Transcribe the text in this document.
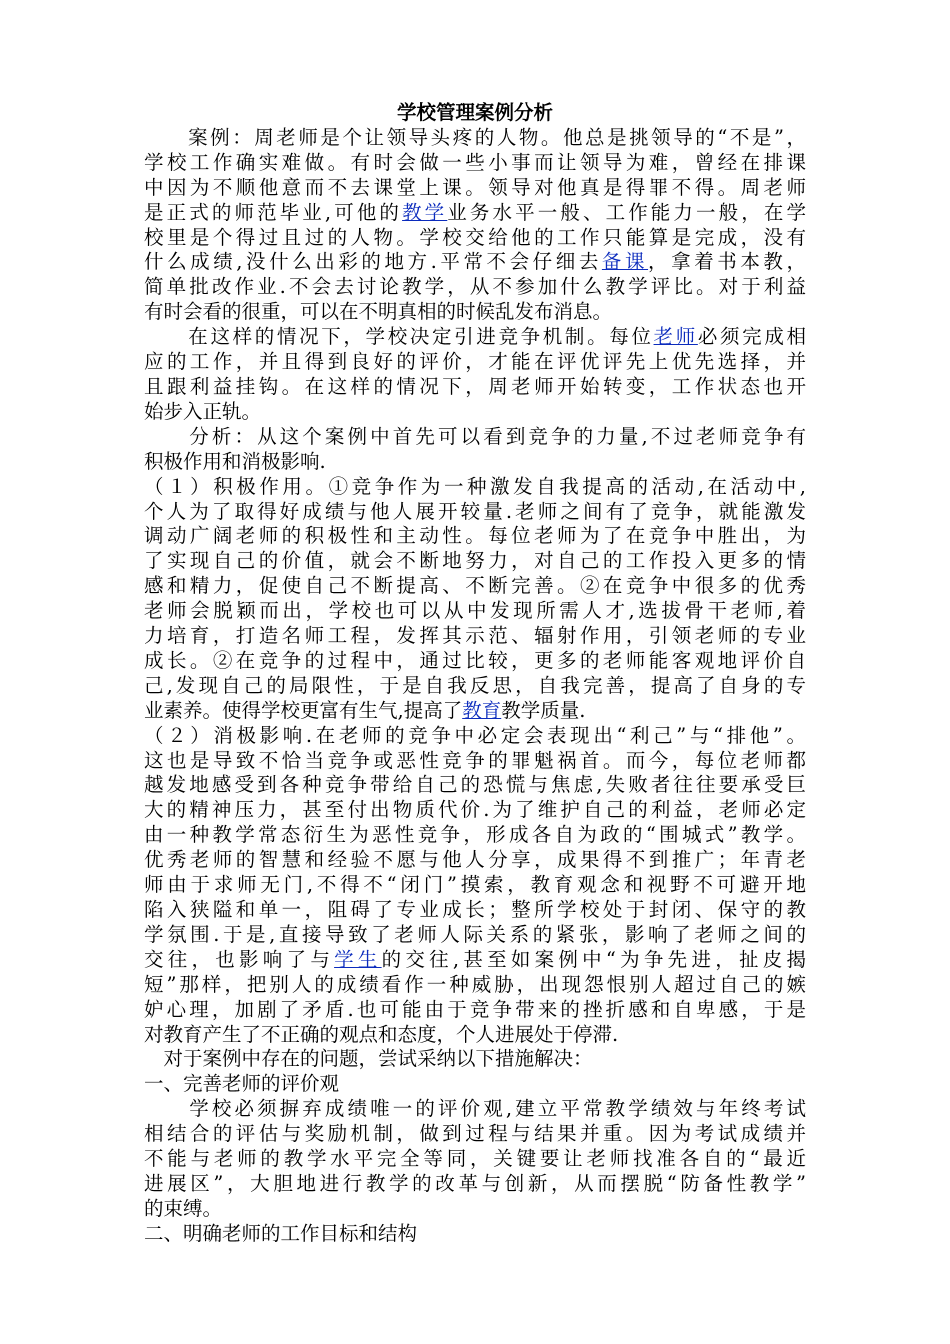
学校管理案例分析
　　案例：周老师是个让领导头疼的人物。他总是挑领导的“不是”，
学校工作确实难做。有时会做一些小事而让领导为难，曾经在排课
中因为不顺他意而不去课堂上课。领导对他真是得罪不得。周老师
是正式的师范毕业,可他的教学业务水平一般、工作能力一般，在学
校里是个得过且过的人物。学校交给他的工作只能算是完成，没有
什么成绩,没什么出彩的地方.平常不会仔细去备课，拿着书本教，
简单批改作业.不会去讨论教学，从不参加什么教学评比。对于利益
有时会看的很重，可以在不明真相的时候乱发布消息。
　　在这样的情况下，学校决定引进竞争机制。每位老师必须完成相
应的工作，并且得到良好的评价，才能在评优评先上优先选择，并
且跟利益挂钩。在这样的情况下，周老师开始转变，工作状态也开
始步入正轨。
　　分析：从这个案例中首先可以看到竞争的力量,不过老师竞争有
积极作用和消极影响.
（１）积极作用。①竞争作为一种激发自我提高的活动,在活动中,
个人为了取得好成绩与他人展开较量.老师之间有了竞争，就能激发
调动广阔老师的积极性和主动性。每位老师为了在竞争中胜出，为
了实现自己的价值，就会不断地努力，对自己的工作投入更多的情
感和精力，促使自己不断提高、不断完善。②在竞争中很多的优秀
老师会脱颖而出，学校也可以从中发现所需人才,选拔骨干老师,着
力培育，打造名师工程，发挥其示范、辐射作用，引领老师的专业
成长。②在竞争的过程中，通过比较，更多的老师能客观地评价自
己,发现自己的局限性，于是自我反思，自我完善，提高了自身的专
业素养。使得学校更富有生气,提高了教育教学质量.
（２）消极影响.在老师的竞争中必定会表现出“利己”与“排他”。
这也是导致不恰当竞争或恶性竞争的罪魁祸首。而今，每位老师都
越发地感受到各种竞争带给自己的恐慌与焦虑,失败者往往要承受巨
大的精神压力，甚至付出物质代价.为了维护自己的利益，老师必定
由一种教学常态衍生为恶性竞争，形成各自为政的“围城式”教学。
优秀老师的智慧和经验不愿与他人分享，成果得不到推广；年青老
师由于求师无门,不得不“闭门”摸索，教育观念和视野不可避开地
陷入狭隘和单一，阻碍了专业成长；整所学校处于封闭、保守的教
学氛围.于是,直接导致了老师人际关系的紧张，影响了老师之间的
交往，也影响了与学生的交往,甚至如案例中“为争先进，扯皮揭
短”那样，把别人的成绩看作一种威胁，出现怨恨别人超过自己的嫉
妒心理，加剧了矛盾.也可能由于竞争带来的挫折感和自卑感，于是
对教育产生了不正确的观点和态度，个人进展处于停滞.
　对于案例中存在的问题，尝试采纳以下措施解决：
一、完善老师的评价观
　　学校必须摒弃成绩唯一的评价观,建立平常教学绩效与年终考试
相结合的评估与奖励机制，做到过程与结果并重。因为考试成绩并
不能与老师的教学水平完全等同，关键要让老师找准各自的“最近
进展区”，大胆地进行教学的改革与创新，从而摆脱“防备性教学”
的束缚。
二、明确老师的工作目标和结构
